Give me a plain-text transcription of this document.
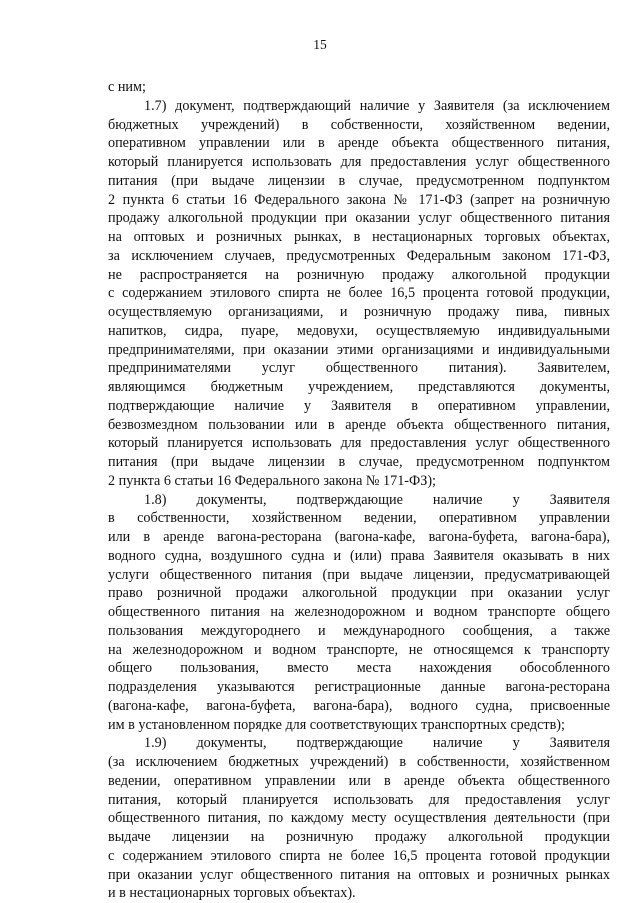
15
с ним;
1.7) документ, подтверждающий наличие у Заявителя (за исключением
бюджетных учреждений) в собственности, хозяйственном ведении,
оперативном управлении или в аренде объекта общественного питания,
который планируется использовать для предоставления услуг общественного
питания (при выдаче лицензии в случае, предусмотренном подпунктом
2 пункта 6 статьи 16 Федерального закона № 171-ФЗ (запрет на розничную
продажу алкогольной продукции при оказании услуг общественного питания
на оптовых и розничных рынках, в нестационарных торговых объектах,
за исключением случаев, предусмотренных Федеральным законом 171-ФЗ,
не распространяется на розничную продажу алкогольной продукции
с содержанием этилового спирта не более 16,5 процента готовой продукции,
осуществляемую организациями, и розничную продажу пива, пивных
напитков, сидра, пуаре, медовухи, осуществляемую индивидуальными
предпринимателями, при оказании этими организациями и индивидуальными
предпринимателями услуг общественного питания). Заявителем,
являющимся бюджетным учреждением, представляются документы,
подтверждающие наличие у Заявителя в оперативном управлении,
безвозмездном пользовании или в аренде объекта общественного питания,
который планируется использовать для предоставления услуг общественного
питания (при выдаче лицензии в случае, предусмотренном подпунктом
2 пункта 6 статьи 16 Федерального закона № 171-ФЗ);
1.8) документы, подтверждающие наличие у Заявителя
в собственности, хозяйственном ведении, оперативном управлении
или в аренде вагона-ресторана (вагона-кафе, вагона-буфета, вагона-бара),
водного судна, воздушного судна и (или) права Заявителя оказывать в них
услуги общественного питания (при выдаче лицензии, предусматривающей
право розничной продажи алкогольной продукции при оказании услуг
общественного питания на железнодорожном и водном транспорте общего
пользования междугороднего и международного сообщения, а также
на железнодорожном и водном транспорте, не относящемся к транспорту
общего пользования, вместо места нахождения обособленного
подразделения указываются регистрационные данные вагона-ресторана
(вагона-кафе, вагона-буфета, вагона-бара), водного судна, присвоенные
им в установленном порядке для соответствующих транспортных средств);
1.9) документы, подтверждающие наличие у Заявителя
(за исключением бюджетных учреждений) в собственности, хозяйственном
ведении, оперативном управлении или в аренде объекта общественного
питания, который планируется использовать для предоставления услуг
общественного питания, по каждому месту осуществления деятельности (при
выдаче лицензии на розничную продажу алкогольной продукции
с содержанием этилового спирта не более 16,5 процента готовой продукции
при оказании услуг общественного питания на оптовых и розничных рынках
и в нестационарных торговых объектах).
